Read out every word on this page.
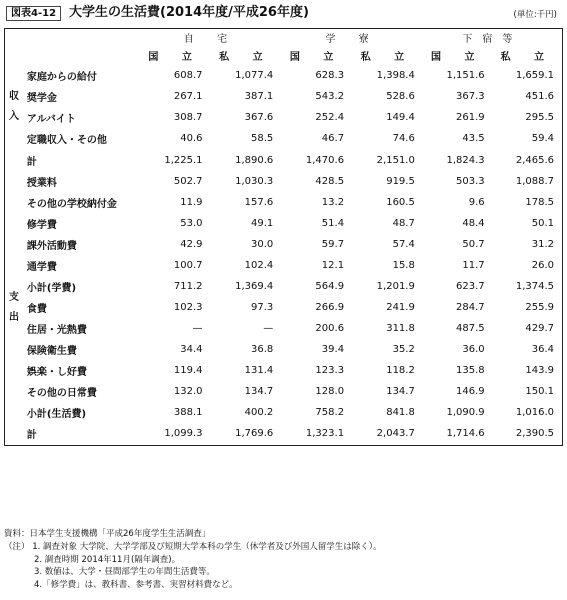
図表4-12 大学生の生活費(2014年度/平成26年度)	(単位:千円)
		自 宅		学 寮		下宿等	
		国 立	私 立	国 立	私 立	国 立	私 立
収入	家庭からの給付	608.7	1,077.4	628.3	1,398.4	1,151.6	1,659.1
	奨学金	267.1	387.1	543.2	528.6	367.3	451.6
	アルバイト	308.7	367.6	252.4	149.4	261.9	295.5
	定職収入・その他	40.6	58.5	46.7	74.6	43.5	59.4
	計	1,225.1	1,890.6	1,470.6	2,151.0	1,824.3	2,465.6
支出	授業料	502.7	1,030.3	428.5	919.5	503.3	1,088.7
	その他の学校納付金	11.9	157.6	13.2	160.5	9.6	178.5
	修学費	53.0	49.1	51.4	48.7	48.4	50.1
	課外活動費	42.9	30.0	59.7	57.4	50.7	31.2
	通学費	100.7	102.4	12.1	15.8	11.7	26.0
	小計(学費)	711.2	1,369.4	564.9	1,201.9	623.7	1,374.5
	食費	102.3	97.3	266.9	241.9	284.7	255.9
	住居・光熱費	—	—	200.6	311.8	487.5	429.7
	保険衛生費	34.4	36.8	39.4	35.2	36.0	36.4
	娯楽・し好費	119.4	131.4	123.3	118.2	135.8	143.9
	その他の日常費	132.0	134.7	128.0	134.7	146.9	150.1
	小計(生活費)	388.1	400.2	758.2	841.8	1,090.9	1,016.0
	計	1,099.3	1,769.6	1,323.1	2,043.7	1,714.6	2,390.5
資料：日本学生支援機構「平成26年度学生生活調査」
（注） 1. 調査対象 大学院、大学学部及び短期大学本科の学生（休学者及び外国人留学生は除く）。
2. 調査時期 2014年11月(隔年調査)。
3. 数値は、大学・昼間部学生の年間生活費等。
4.「修学費」は、教科書、参考書、実習材料費など。
